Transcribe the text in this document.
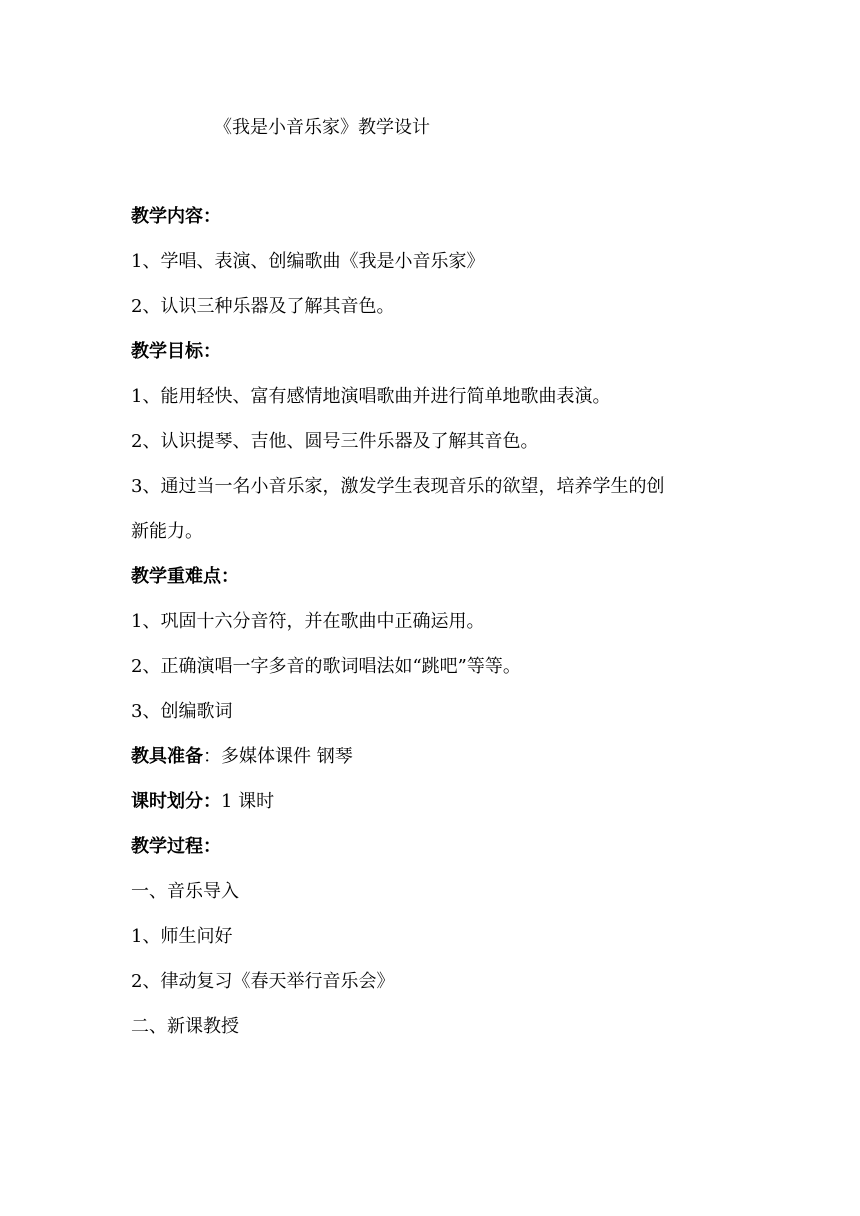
《我是小音乐家》教学设计
教学内容：
1、学唱、表演、创编歌曲《我是小音乐家》
2、认识三种乐器及了解其音色。
教学目标：
1、能用轻快、富有感情地演唱歌曲并进行简单地歌曲表演。
2、认识提琴、吉他、圆号三件乐器及了解其音色。
3、通过当一名小音乐家，激发学生表现音乐的欲望，培养学生的创
新能力。
教学重难点：
1、巩固十六分音符，并在歌曲中正确运用。
2、正确演唱一字多音的歌词唱法如“跳吧”等等。
3、创编歌词
教具准备：多媒体课件 钢琴
课时划分：1 课时
教学过程：
一、音乐导入
1、师生问好
2、律动复习《春天举行音乐会》
二、新课教授
